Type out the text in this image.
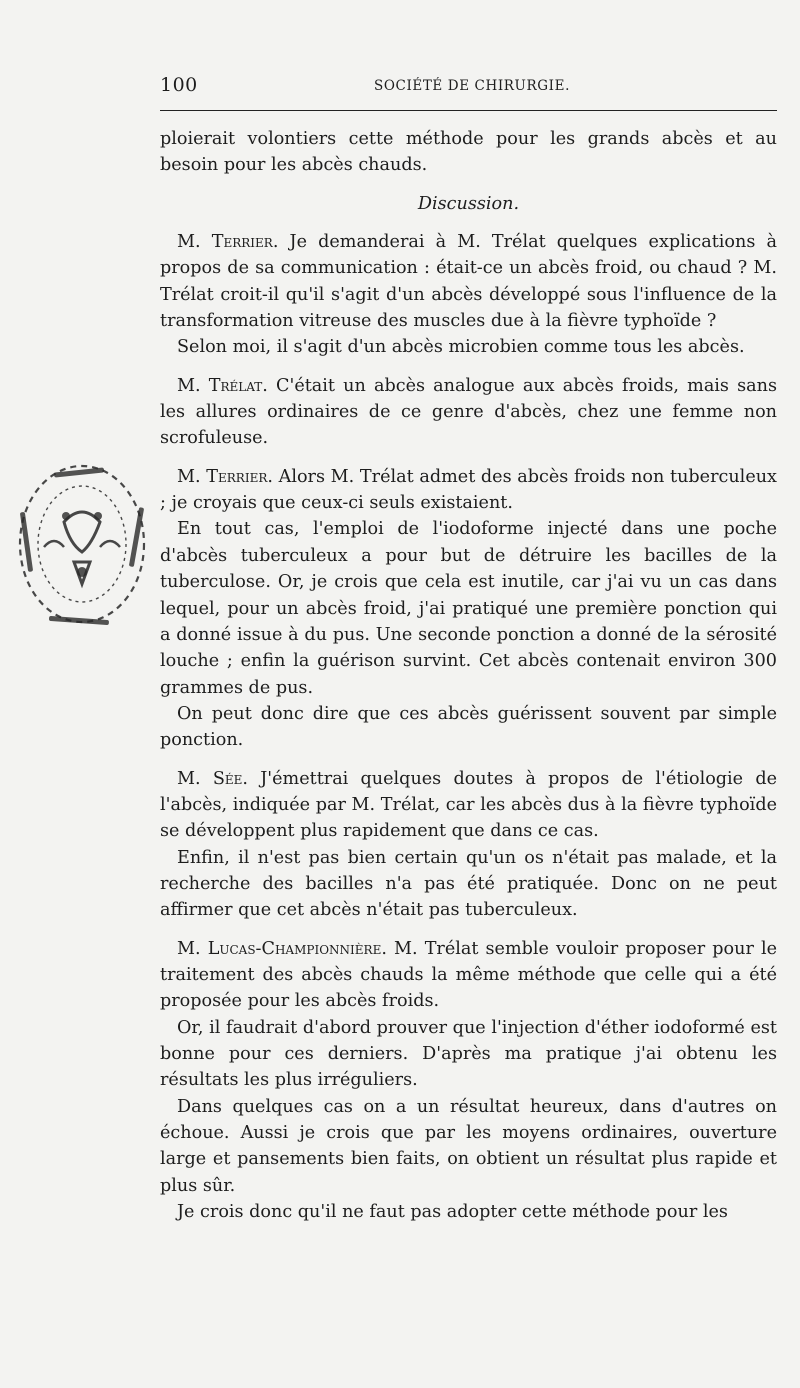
100	SOCIÉTÉ DE CHIRURGIE.

ploierait volontiers cette méthode pour les grands abcès et au besoin pour les abcès chauds.

Discussion.

M. Terrier. Je demanderai à M. Trélat quelques explications à propos de sa communication : était-ce un abcès froid, ou chaud ? M. Trélat croit-il qu'il s'agit d'un abcès développé sous l'influence de la transformation vitreuse des muscles due à la fièvre typhoïde ?

Selon moi, il s'agit d'un abcès microbien comme tous les abcès.

M. Trélat. C'était un abcès analogue aux abcès froids, mais sans les allures ordinaires de ce genre d'abcès, chez une femme non scrofuleuse.

M. Terrier. Alors M. Trélat admet des abcès froids non tuberculeux ; je croyais que ceux-ci seuls existaient.

En tout cas, l'emploi de l'iodoforme injecté dans une poche d'abcès tuberculeux a pour but de détruire les bacilles de la tuberculose. Or, je crois que cela est inutile, car j'ai vu un cas dans lequel, pour un abcès froid, j'ai pratiqué une première ponction qui a donné issue à du pus. Une seconde ponction a donné de la sérosité louche ; enfin la guérison survint. Cet abcès contenait environ 300 grammes de pus.

On peut donc dire que ces abcès guérissent souvent par simple ponction.

M. Sée. J'émettrai quelques doutes à propos de l'étiologie de l'abcès, indiquée par M. Trélat, car les abcès dus à la fièvre typhoïde se développent plus rapidement que dans ce cas.

Enfin, il n'est pas bien certain qu'un os n'était pas malade, et la recherche des bacilles n'a pas été pratiquée. Donc on ne peut affirmer que cet abcès n'était pas tuberculeux.

M. Lucas-Championnière. M. Trélat semble vouloir proposer pour le traitement des abcès chauds la même méthode que celle qui a été proposée pour les abcès froids.

Or, il faudrait d'abord prouver que l'injection d'éther iodoformé est bonne pour ces derniers. D'après ma pratique j'ai obtenu les résultats les plus irréguliers.

Dans quelques cas on a un résultat heureux, dans d'autres on échoue. Aussi je crois que par les moyens ordinaires, ouverture large et pansements bien faits, on obtient un résultat plus rapide et plus sûr.

Je crois donc qu'il ne faut pas adopter cette méthode pour les
